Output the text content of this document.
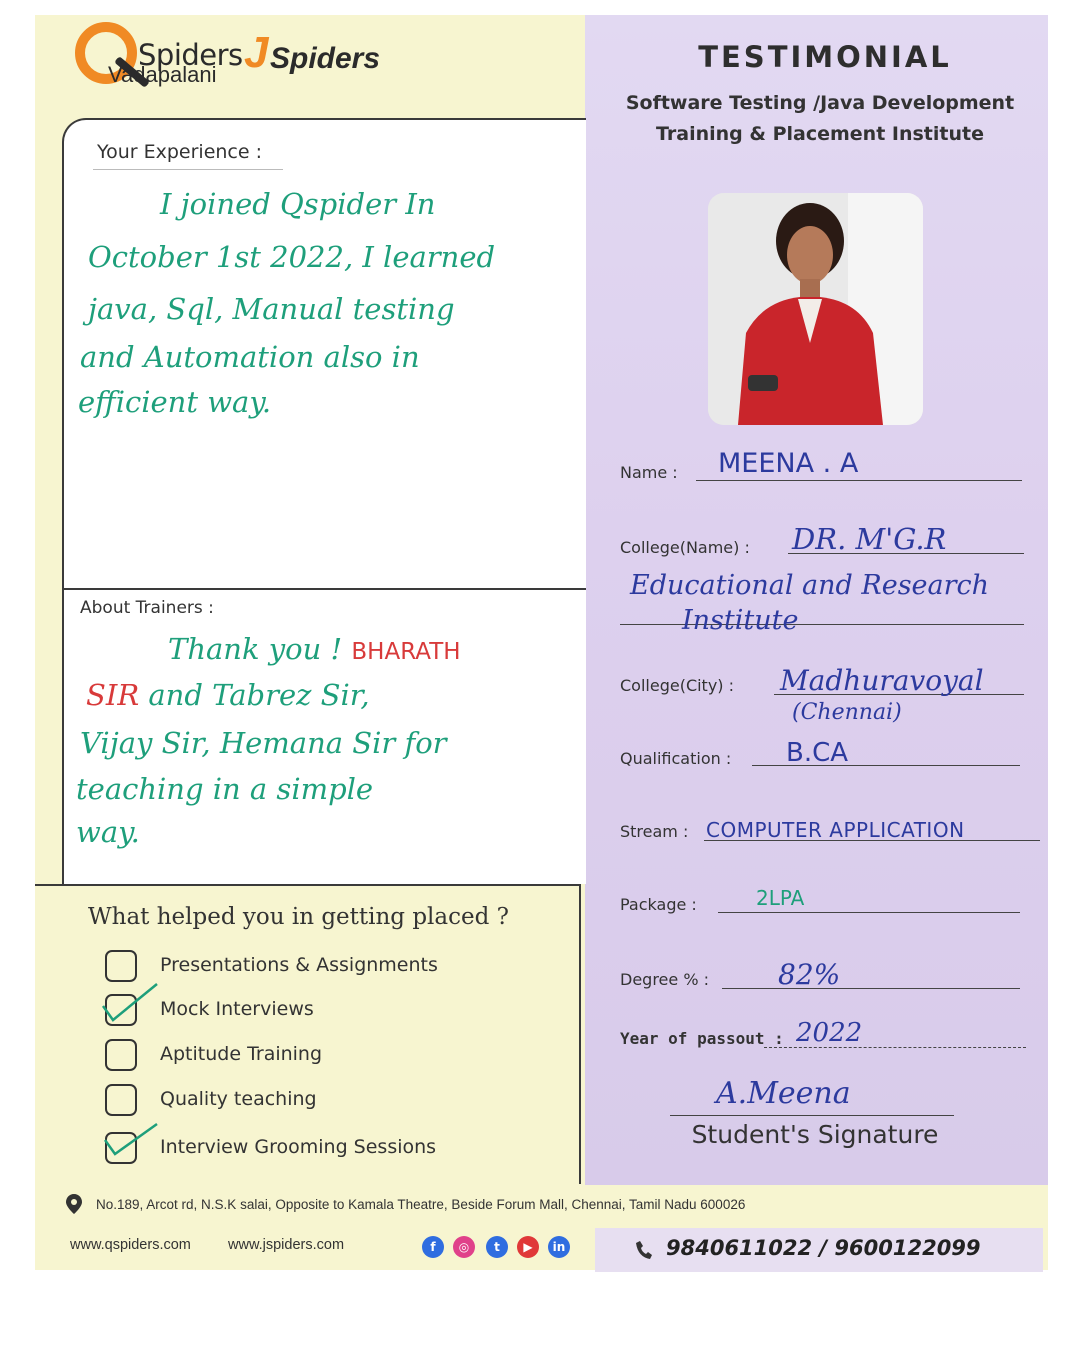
Spiders J Spiders
Vadapalani
TESTIMONIAL
Software Testing /Java Development
Training & Placement Institute
Your Experience :
I joined Qspider In
October 1st 2022, I learned
java, Sql, Manual testing
and Automation also in
efficient way.
About Trainers :
Thank you ! BHARATH
SIR and Tabrez Sir,
Vijay Sir, Hemana Sir for
teaching in a simple
way.
What helped you in getting placed ?
Presentations & Assignments
Mock Interviews
Aptitude Training
Quality teaching
Interview Grooming Sessions
Name : MEENA . A
College(Name) : DR. M'G.R
Educational and Research
Institute
College(City) : Madhuravoyal
(Chennai)
Qualification : B.CA
Stream : COMPUTER APPLICATION
Package :	2LPA
Degree % : 82%
Year of passout : 2022
A.Meena
Student's Signature
No.189, Arcot rd, N.S.K salai, Opposite to Kamala Theatre, Beside Forum Mall, Chennai, Tamil Nadu 600026
www.qspiders.com	www.jspiders.com	f	◎	t	▶	in	9840611022 / 9600122099
